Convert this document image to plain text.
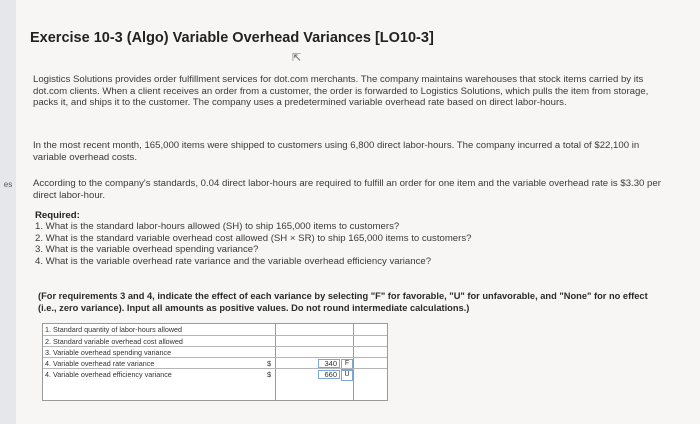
es
Exercise 10-3 (Algo) Variable Overhead Variances [LO10-3]
⇱
Logistics Solutions provides order fulfillment services for dot.com merchants. The company maintains warehouses that stock items carried by its dot.com clients. When a client receives an order from a customer, the order is forwarded to Logistics Solutions, which pulls the item from storage, packs it, and ships it to the customer. The company uses a predetermined variable overhead rate based on direct labor-hours.
In the most recent month, 165,000 items were shipped to customers using 6,800 direct labor-hours. The company incurred a total of $22,100 in variable overhead costs.
According to the company's standards, 0.04 direct labor-hours are required to fulfill an order for one item and the variable overhead rate is $3.30 per direct labor-hour.
Required:
1. What is the standard labor-hours allowed (SH) to ship 165,000 items to customers?
2. What is the standard variable overhead cost allowed (SH × SR) to ship 165,000 items to customers?
3. What is the variable overhead spending variance?
4. What is the variable overhead rate variance and the variable overhead efficiency variance?
(For requirements 3 and 4, indicate the effect of each variance by selecting "F" for favorable, "U" for unfavorable, and "None" for no effect (i.e., zero variance). Input all amounts as positive values. Do not round intermediate calculations.)
1. Standard quantity of labor-hours allowed
2. Standard variable overhead cost allowed
3. Variable overhead spending variance
4. Variable overhead rate variance	$	340	F
4. Variable overhead efficiency variance	$	660	U
